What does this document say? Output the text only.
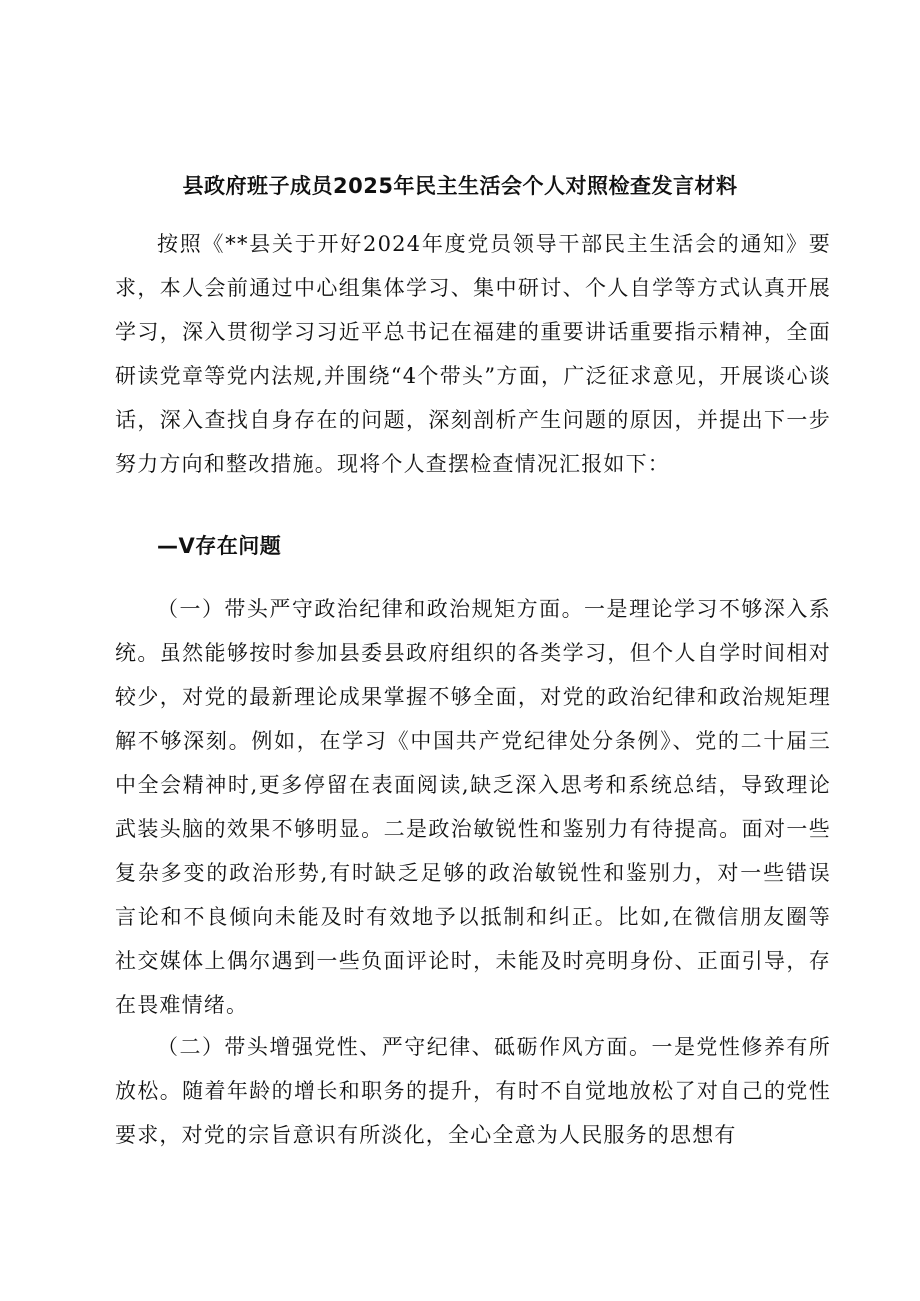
县政府班子成员2025年民主生活会个人对照检查发言材料

按照《**县关于开好2024年度党员领导干部民主生活会的通知》要求，本人会前通过中心组集体学习、集中研讨、个人自学等方式认真开展学习，深入贯彻学习习近平总书记在福建的重要讲话重要指示精神，全面研读党章等党内法规,并围绕“4个带头”方面，广泛征求意见，开展谈心谈话，深入查找自身存在的问题，深刻剖析产生问题的原因，并提出下一步努力方向和整改措施。现将个人查摆检查情况汇报如下：

—V存在问题

（一）带头严守政治纪律和政治规矩方面。一是理论学习不够深入系统。虽然能够按时参加县委县政府组织的各类学习，但个人自学时间相对较少，对党的最新理论成果掌握不够全面，对党的政治纪律和政治规矩理解不够深刻。例如，在学习《中国共产党纪律处分条例》、党的二十届三中全会精神时,更多停留在表面阅读,缺乏深入思考和系统总结，导致理论武装头脑的效果不够明显。二是政治敏锐性和鉴别力有待提高。面对一些复杂多变的政治形势,有时缺乏足够的政治敏锐性和鉴别力，对一些错误言论和不良倾向未能及时有效地予以抵制和纠正。比如,在微信朋友圈等社交媒体上偶尔遇到一些负面评论时，未能及时亮明身份、正面引导，存在畏难情绪。

（二）带头增强党性、严守纪律、砥砺作风方面。一是党性修养有所放松。随着年龄的增长和职务的提升，有时不自觉地放松了对自己的党性要求，对党的宗旨意识有所淡化，全心全意为人民服务的思想有
